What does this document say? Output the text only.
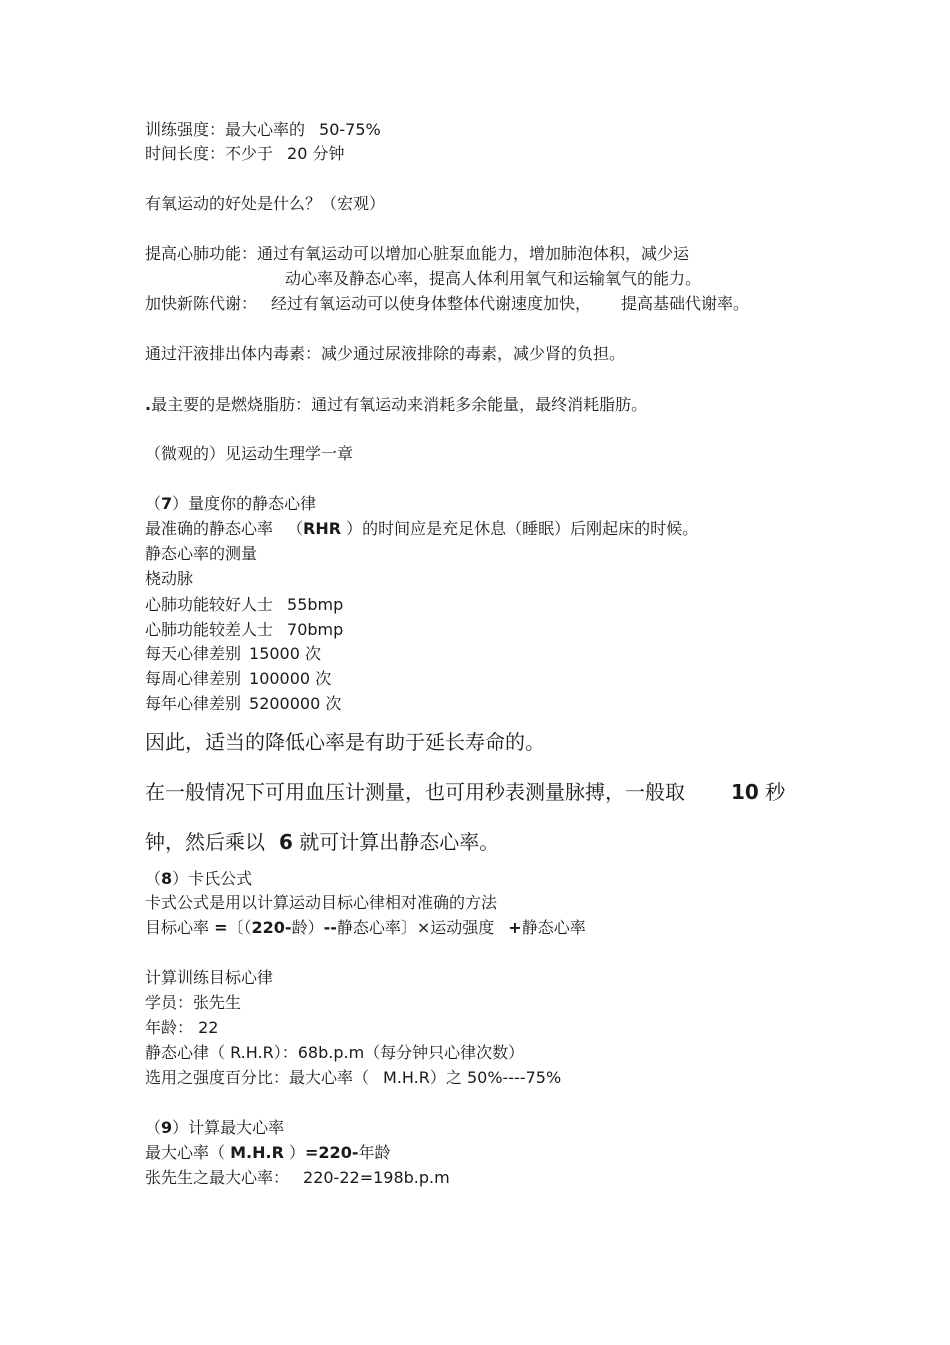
训练强度：最大心率的 50-75%

时间长度：不少于 20 分钟

有氧运动的好处是什么？（宏观）

提高心肺功能：通过有氧运动可以增加心脏泵血能力，增加肺泡体积，减少运

动心率及静态心率，提高人体利用氧气和运输氧气的能力。

加快新陈代谢： 经过有氧运动可以使身体整体代谢速度加快， 提高基础代谢率。

通过汗液排出体内毒素：减少通过尿液排除的毒素，减少肾的负担。

.最主要的是燃烧脂肪：通过有氧运动来消耗多余能量，最终消耗脂肪。

（微观的）见运动生理学一章

（7）量度你的静态心律

最准确的静态心率 （RHR ）的时间应是充足休息（睡眠）后刚起床的时候。

静态心率的测量

桡动脉

心肺功能较好人士 55bmp

心肺功能较差人士 70bmp

每天心律差别 15000 次

每周心律差别 100000 次

每年心律差别 5200000 次

因此，适当的降低心率是有助于延长寿命的。

在一般情况下可用血压计测量，也可用秒表测量脉搏，一般取 10 秒

钟，然后乘以 6 就可计算出静态心率。

（8）卡氏公式

卡式公式是用以计算运动目标心律相对准确的方法

目标心率 =〔（220-龄）--静态心率〕×运动强度 +静态心率

计算训练目标心律

学员：张先生

年龄： 22

静态心律（ R.H.R）：68b.p.m（每分钟只心律次数）

选用之强度百分比：最大心率（ M.H.R）之 50%----75%

（9）计算最大心率

最大心率（ M.H.R ）=220-年龄

张先生之最大心率： 220-22=198b.p.m
